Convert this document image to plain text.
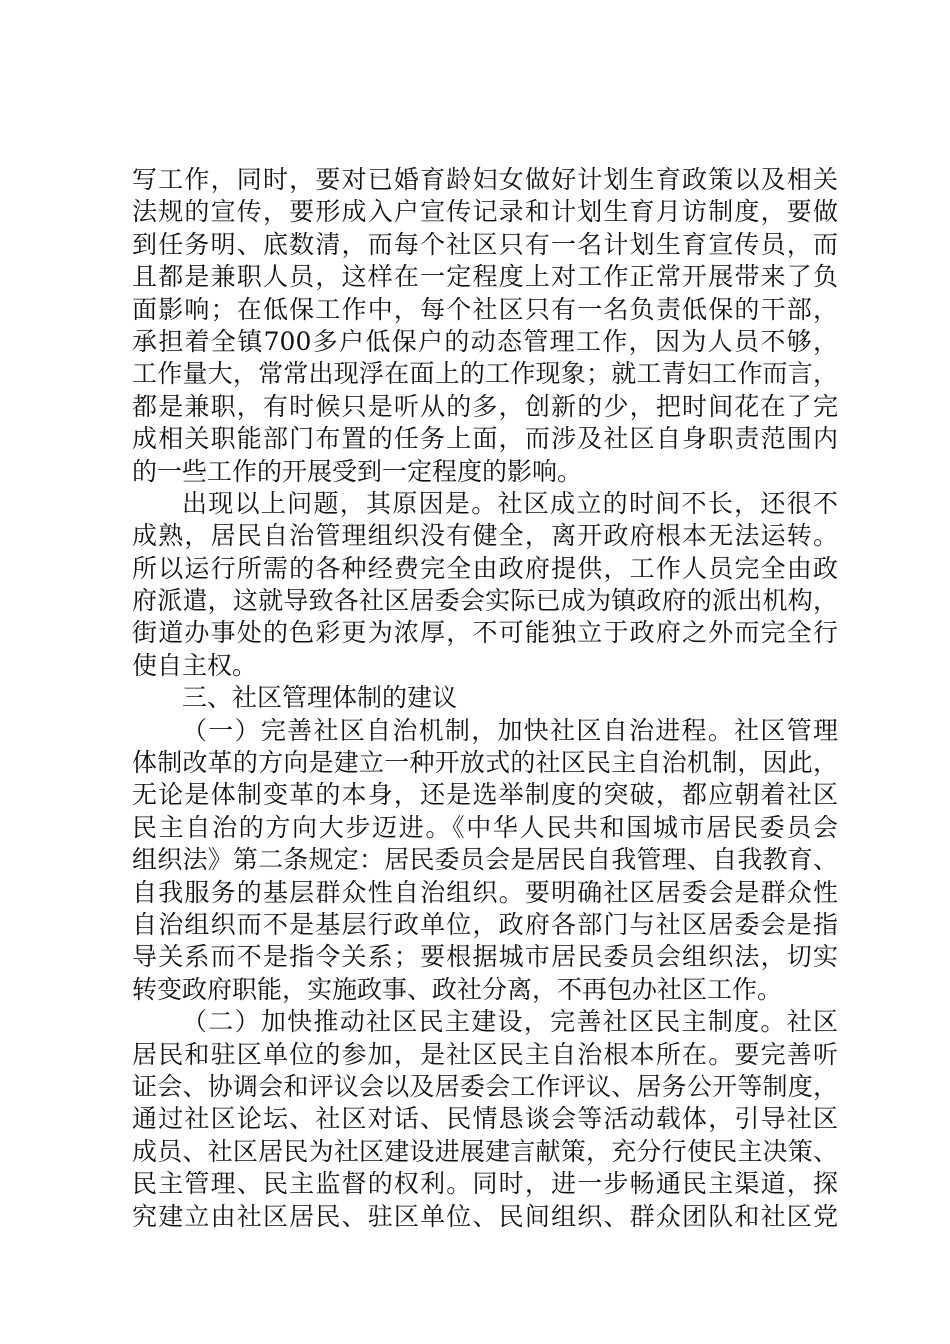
写工作，同时，要对已婚育龄妇女做好计划生育政策以及相关
法规的宣传，要形成入户宣传记录和计划生育月访制度，要做
到任务明、底数清，而每个社区只有一名计划生育宣传员，而
且都是兼职人员，这样在一定程度上对工作正常开展带来了负
面影响；在低保工作中，每个社区只有一名负责低保的干部，
承担着全镇700多户低保户的动态管理工作，因为人员不够，
工作量大，常常出现浮在面上的工作现象；就工青妇工作而言，
都是兼职，有时候只是听从的多，创新的少，把时间花在了完
成相关职能部门布置的任务上面，而涉及社区自身职责范围内
的一些工作的开展受到一定程度的影响。

出现以上问题，其原因是。社区成立的时间不长，还很不
成熟，居民自治管理组织没有健全，离开政府根本无法运转。
所以运行所需的各种经费完全由政府提供，工作人员完全由政
府派遣，这就导致各社区居委会实际已成为镇政府的派出机构，
街道办事处的色彩更为浓厚，不可能独立于政府之外而完全行
使自主权。

三、社区管理体制的建议

（一）完善社区自治机制，加快社区自治进程。社区管理
体制改革的方向是建立一种开放式的社区民主自治机制，因此，
无论是体制变革的本身，还是选举制度的突破，都应朝着社区
民主自治的方向大步迈进。《中华人民共和国城市居民委员会
组织法》第二条规定：居民委员会是居民自我管理、自我教育、
自我服务的基层群众性自治组织。要明确社区居委会是群众性
自治组织而不是基层行政单位，政府各部门与社区居委会是指
导关系而不是指令关系；要根据城市居民委员会组织法，切实
转变政府职能，实施政事、政社分离，不再包办社区工作。

（二）加快推动社区民主建设，完善社区民主制度。社区
居民和驻区单位的参加，是社区民主自治根本所在。要完善听
证会、协调会和评议会以及居委会工作评议、居务公开等制度，
通过社区论坛、社区对话、民情恳谈会等活动载体，引导社区
成员、社区居民为社区建设进展建言献策，充分行使民主决策、
民主管理、民主监督的权利。同时，进一步畅通民主渠道，探
究建立由社区居民、驻区单位、民间组织、群众团队和社区党
